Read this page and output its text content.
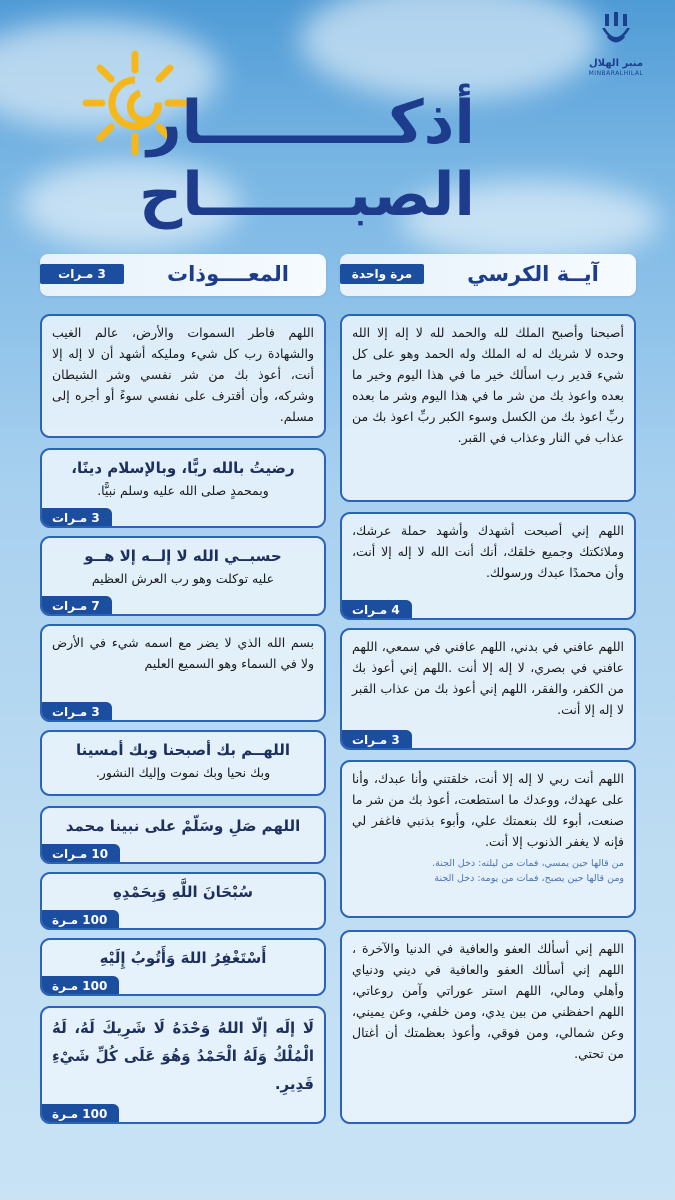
منبر الهلال
MINBARALHILAL
أذكـــــــــار
الصبـــــــاح
آيــة الكرسي
مرة واحدة
المعــــوذات
3 مـرات
أصبحنا وأصبح الملك لله والحمد لله لا إله إلا الله وحده لا شريك له له الملك وله الحمد وهو على كل شيء قدير رب اسألك خير ما في هذا اليوم وخير ما بعده واعوذ بك من شر ما في هذا اليوم وشر ما بعده ربِّ اعوذ بك من الكسل وسوء الكبر ربِّ اعوذ بك من عذاب في النار وعذاب في القبر.
اللهم إني أصبحت أشهدك وأشهد حملة عرشك، وملائكتك وجميع خلقك، أنك أنت الله لا إله إلا أنت، وأن محمدًا عبدك ورسولك.
4 مـرات
اللهم عافني في بدني، اللهم عافني في سمعي، اللهم عافني في بصري، لا إله إلا أنت .اللهم إني أعوذ بك من الكفر، والفقر، اللهم إني أعوذ بك من عذاب القبر لا إله إلا أنت.
3 مـرات
اللهم أنت ربي لا إله إلا أنت، خلقتني وأنا عبدك، وأنا على عهدك، ووعدك ما استطعت، أعوذ بك من شر ما صنعت، أبوء لك بنعمتك علي، وأبوء بذنبي فاغفر لي فإنه لا يغفر الذنوب إلا أنت.
من قالها حين يمسي، فمات من ليلته: دخل الجنة.
ومن قالها حين يصبح، فمات من يومه: دخل الجنة
اللهم إني أسألك العفو والعافية في الدنيا والآخرة ، اللهم إني أسألك العفو والعافية في ديني ودنياي وأهلي ومالي، اللهم استر عوراتي وآمن روعاتي، اللهم احفظني من بين يدي، ومن خلفي، وعن يميني، وعن شمالي، ومن فوقي، وأعوذ بعظمتك أن أغتال من تحتي.
اللهم فاطر السموات والأرض، عالم الغيب والشهادة رب كل شيء ومليكه أشهد أن لا إله إلا أنت، أعوذ بك من شر نفسي وشر الشيطان وشركه، وأن أقترف على نفسي سوءً أو أجره إلى مسلم.
رضيتُ بالله ربًّا، وبالإسلام دينًا،
وبمحمدٍ صلى الله عليه وسلم نبيًّا.
3 مـرات
حسبــي الله لا إلــه إلا هــو
عليه توكلت وهو رب العرش العظيم
7 مـرات
بسم الله الذي لا يضر مع اسمه شيء في الأرض ولا في السماء وهو السميع العليم
3 مـرات
اللهــم بك أصبحنا وبك أمسينا
وبك نحيا وبك نموت وإليك النشور.
اللهم صَلِ وسَلّمْ على نبينا محمد
10 مـرات
سُبْحَانَ اللَّهِ وَبِحَمْدِهِ
100 مـرة
أَسْتَغْفِرُ اللهَ وَأَتُوبُ إِلَيْهِ
100 مـرة
لَا إلَه إلّا اللهُ وَحْدَهُ لَا شَرِيكَ لَهُ، لَهُ الْمُلْكُ وَلَهُ الْحَمْدُ وَهُوَ عَلَى كُلِّ شَيْءِ قَدِيرِ.
100 مـرة
